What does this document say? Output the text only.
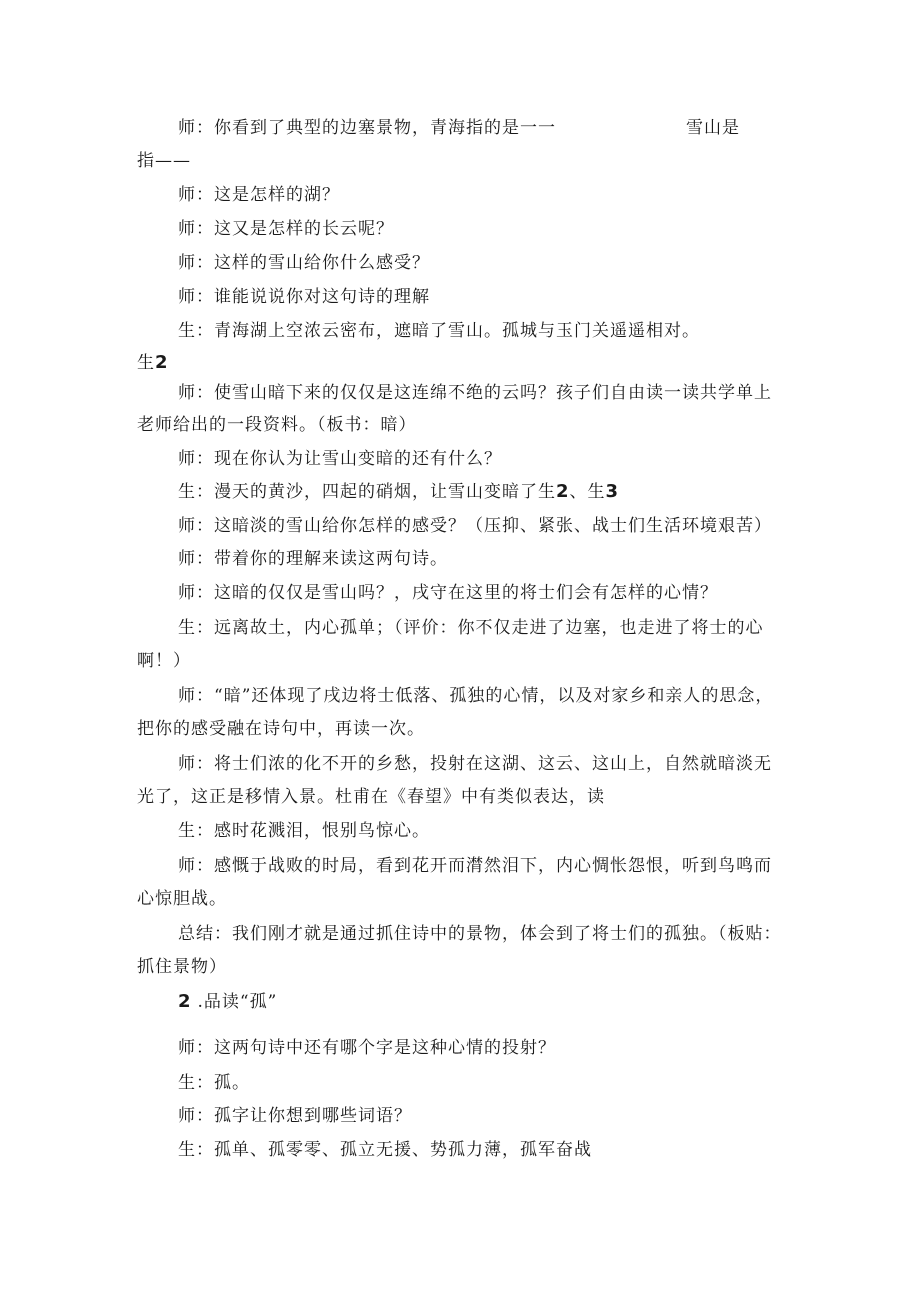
师：你看到了典型的边塞景物，青海指的是一一	雪山是
指——
师：这是怎样的湖？
师：这又是怎样的长云呢？
师：这样的雪山给你什么感受？
师：谁能说说你对这句诗的理解
生：青海湖上空浓云密布，遮暗了雪山。孤城与玉门关遥遥相对。
生2
师：使雪山暗下来的仅仅是这连绵不绝的云吗？孩子们自由读一读共学单上
老师给出的一段资料。（板书：暗）
师：现在你认为让雪山变暗的还有什么？
生：漫天的黄沙，四起的硝烟，让雪山变暗了生2、生3
师：这暗淡的雪山给你怎样的感受？（压抑、紧张、战士们生活环境艰苦）
师：带着你的理解来读这两句诗。
师：这暗的仅仅是雪山吗？，戌守在这里的将士们会有怎样的心情？
生：远离故土，内心孤单；（评价：你不仅走进了边塞，也走进了将士的心
啊！）
师：“暗”还体现了戌边将士低落、孤独的心情，以及对家乡和亲人的思念，
把你的感受融在诗句中，再读一次。
师：将士们浓的化不开的乡愁，投射在这湖、这云、这山上，自然就暗淡无
光了，这正是移情入景。杜甫在《春望》中有类似表达，读
生：感时花溅泪，恨别鸟惊心。
师：感慨于战败的时局，看到花开而潸然泪下，内心惆怅怨恨，听到鸟鸣而
心惊胆战。
总结：我们刚才就是通过抓住诗中的景物，体会到了将士们的孤独。（板贴：
抓住景物）
2 .品读“孤”
师：这两句诗中还有哪个字是这种心情的投射？
生：孤。
师：孤字让你想到哪些词语？
生：孤单、孤零零、孤立无援、势孤力薄，孤军奋战
